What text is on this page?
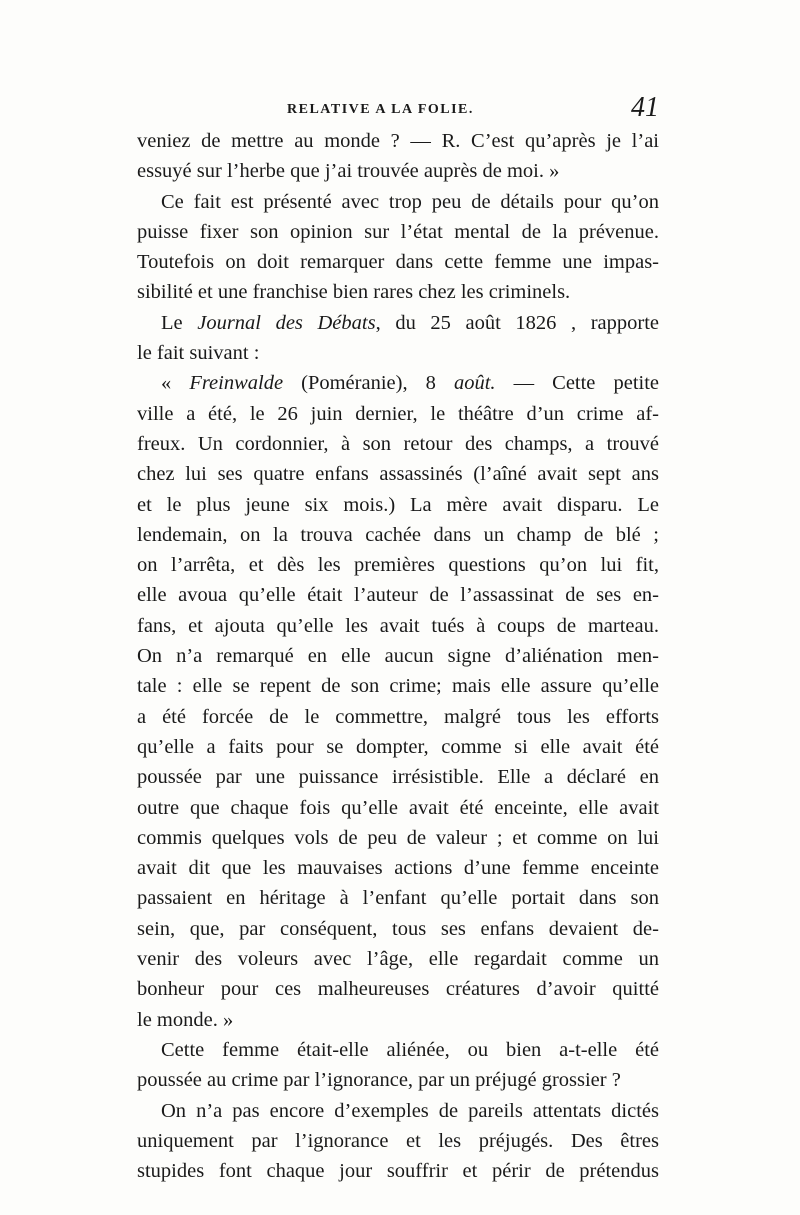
RELATIVE A LA FOLIE.	41

veniez de mettre au monde ? — R. C’est qu’après je l’ai

essuyé sur l’herbe que j’ai trouvée auprès de moi. »

Ce fait est présenté avec trop peu de détails pour qu’on

puisse fixer son opinion sur l’état mental de la prévenue.

Toutefois on doit remarquer dans cette femme une impas-

sibilité et une franchise bien rares chez les criminels.

Le Journal des Débats, du 25 août 1826 , rapporte

le fait suivant :

« Freinwalde (Poméranie), 8 août. — Cette petite

ville a été, le 26 juin dernier, le théâtre d’un crime af-

freux. Un cordonnier, à son retour des champs, a trouvé

chez lui ses quatre enfans assassinés (l’aîné avait sept ans

et le plus jeune six mois.) La mère avait disparu. Le

lendemain, on la trouva cachée dans un champ de blé ;

on l’arrêta, et dès les premières questions qu’on lui fit,

elle avoua qu’elle était l’auteur de l’assassinat de ses en-

fans, et ajouta qu’elle les avait tués à coups de marteau.

On n’a remarqué en elle aucun signe d’aliénation men-

tale : elle se repent de son crime; mais elle assure qu’elle

a été forcée de le commettre, malgré tous les efforts

qu’elle a faits pour se dompter, comme si elle avait été

poussée par une puissance irrésistible. Elle a déclaré en

outre que chaque fois qu’elle avait été enceinte, elle avait

commis quelques vols de peu de valeur ; et comme on lui

avait dit que les mauvaises actions d’une femme enceinte

passaient en héritage à l’enfant qu’elle portait dans son

sein, que, par conséquent, tous ses enfans devaient de-

venir des voleurs avec l’âge, elle regardait comme un

bonheur pour ces malheureuses créatures d’avoir quitté

le monde. »

Cette femme était-elle aliénée, ou bien a-t-elle été

poussée au crime par l’ignorance, par un préjugé grossier ?

On n’a pas encore d’exemples de pareils attentats dictés

uniquement par l’ignorance et les préjugés. Des êtres

stupides font chaque jour souffrir et périr de prétendus
